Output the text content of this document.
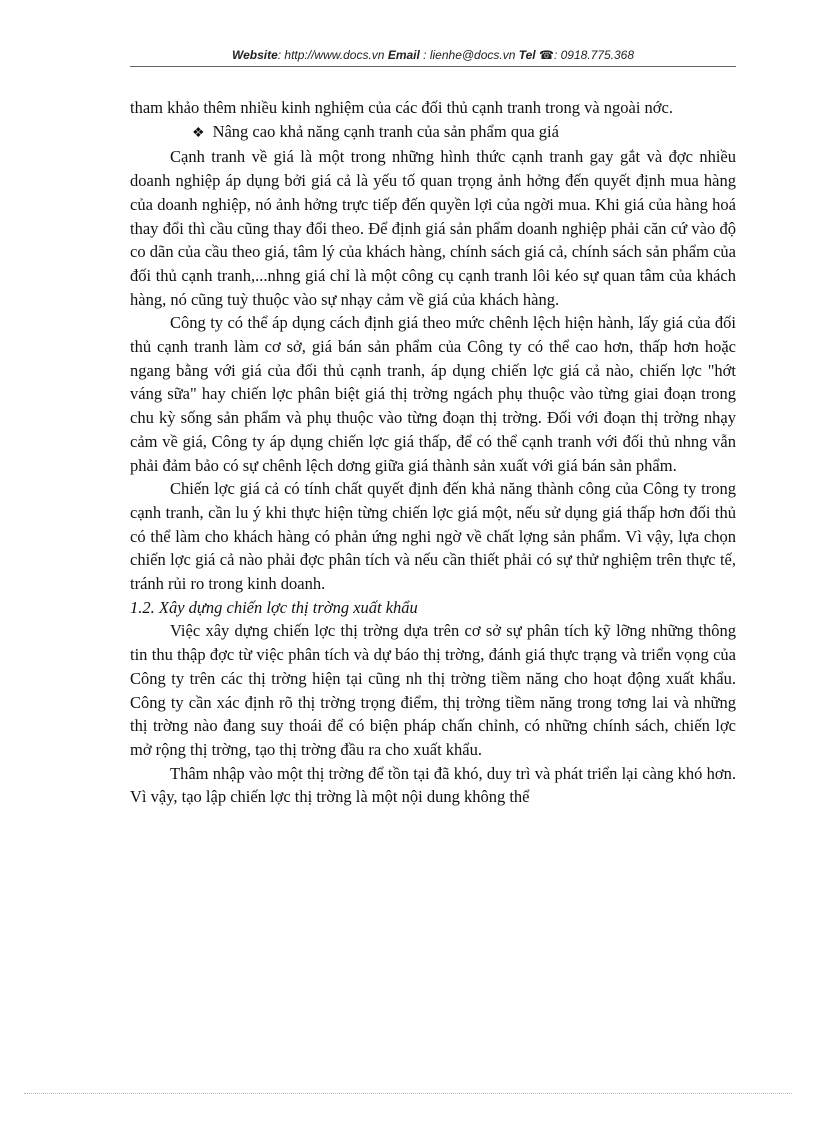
Website: http://www.docs.vn Email : lienhe@docs.vn Tel ☎: 0918.775.368

tham khảo thêm nhiều kinh nghiệm của các đối thủ cạnh tranh trong và ngoài nớc.

❖ Nâng cao khả năng cạnh tranh của sản phẩm qua giá

Cạnh tranh về giá là một trong những hình thức cạnh tranh gay gắt và đợc nhiều doanh nghiệp áp dụng bởi giá cả là yếu tố quan trọng ảnh hởng đến quyết định mua hàng của doanh nghiệp, nó ảnh hởng trực tiếp đến quyền lợi của ngời mua. Khi giá của hàng hoá thay đổi thì cầu cũng thay đổi theo. Để định giá sản phẩm doanh nghiệp phải căn cứ vào độ co dãn của cầu theo giá, tâm lý của khách hàng, chính sách giá cả, chính sách sản phẩm của đối thủ cạnh tranh,...nhng giá chỉ là một công cụ cạnh tranh lôi kéo sự quan tâm của khách hàng, nó cũng tuỳ thuộc vào sự nhạy cảm về giá của khách hàng.

Công ty có thể áp dụng cách định giá theo mức chênh lệch hiện hành, lấy giá của đối thủ cạnh tranh làm cơ sở, giá bán sản phẩm của Công ty có thể cao hơn, thấp hơn hoặc ngang bằng với giá của đối thủ cạnh tranh, áp dụng chiến lợc giá cả nào, chiến lợc "hớt váng sữa" hay chiến lợc phân biệt giá thị trờng ngách phụ thuộc vào từng giai đoạn trong chu kỳ sống sản phẩm và phụ thuộc vào từng đoạn thị trờng. Đối với đoạn thị trờng nhạy cảm về giá, Công ty áp dụng chiến lợc giá thấp, để có thể cạnh tranh với đối thủ nhng vẫn phải đảm bảo có sự chênh lệch dơng giữa giá thành sản xuất với giá bán sản phẩm.

Chiến lợc giá cả có tính chất quyết định đến khả năng thành công của Công ty trong cạnh tranh, cần lu ý khi thực hiện từng chiến lợc giá một, nếu sử dụng giá thấp hơn đối thủ có thể làm cho khách hàng có phản ứng nghi ngờ về chất lợng sản phẩm. Vì vậy, lựa chọn chiến lợc giá cả nào phải đợc phân tích và nếu cần thiết phải có sự thử nghiệm trên thực tế, tránh rủi ro trong kinh doanh.

1.2. Xây dựng chiến lợc thị trờng xuất khẩu

Việc xây dựng chiến lợc thị trờng dựa trên cơ sở sự phân tích kỹ lỡng những thông tin thu thập đợc từ việc phân tích và dự báo thị trờng, đánh giá thực trạng và triển vọng của Công ty trên các thị trờng hiện tại cũng nh thị trờng tiềm năng cho hoạt động xuất khẩu. Công ty cần xác định rõ thị trờng trọng điểm, thị trờng tiềm năng trong tơng lai và những thị trờng nào đang suy thoái để có biện pháp chấn chỉnh, có những chính sách, chiến lợc mở rộng thị trờng, tạo thị trờng đầu ra cho xuất khẩu.

Thâm nhập vào một thị trờng để tồn tại đã khó, duy trì và phát triển lại càng khó hơn. Vì vậy, tạo lập chiến lợc thị trờng là một nội dung không thể
